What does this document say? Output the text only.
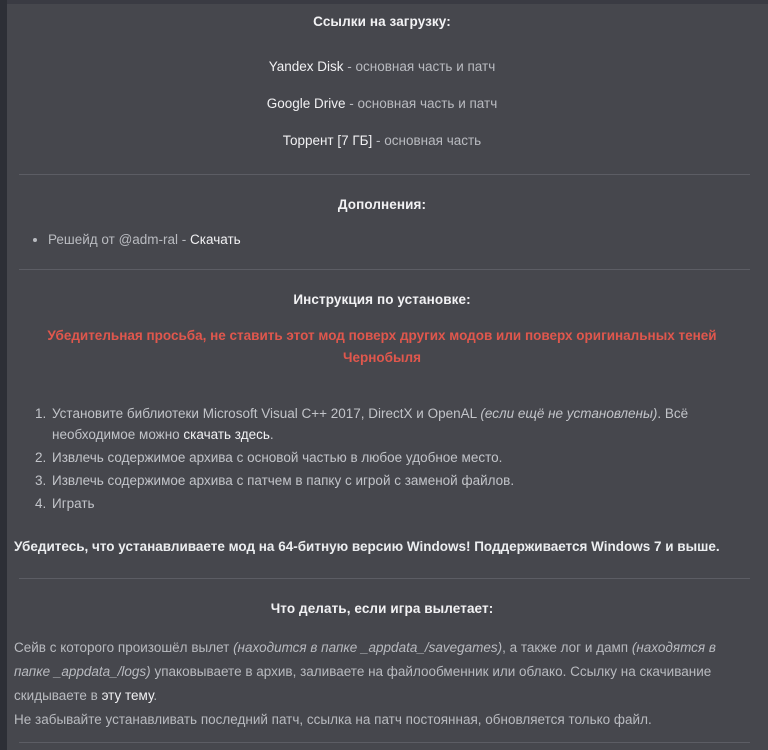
Ссылки на загрузку:
Yandex Disk - основная часть и патч
Google Drive - основная часть и патч
Торрент [7 ГБ] - основная часть
Дополнения:
• Решейд от @adm-ral - Скачать
Инструкция по установке:
Убедительная просьба, не ставить этот мод поверх других модов или поверх оригинальных теней Чернобыля
1. Установите библиотеки Microsoft Visual C++ 2017, DirectX и OpenAL (если ещё не установлены). Всё необходимое можно скачать здесь.
2. Извлечь содержимое архива с основой частью в любое удобное место.
3. Извлечь содержимое архива с патчем в папку с игрой с заменой файлов.
4. Играть
Убедитесь, что устанавливаете мод на 64-битную версию Windows! Поддерживается Windows 7 и выше.
Что делать, если игра вылетает:
Сейв с которого произошёл вылет (находится в папке _appdata_/savegames), а также лог и дамп (находятся в папке _appdata_/logs) упаковываете в архив, заливаете на файлообменник или облако. Ссылку на скачивание скидываете в эту тему.
Не забывайте устанавливать последний патч, ссылка на патч постоянная, обновляется только файл.
